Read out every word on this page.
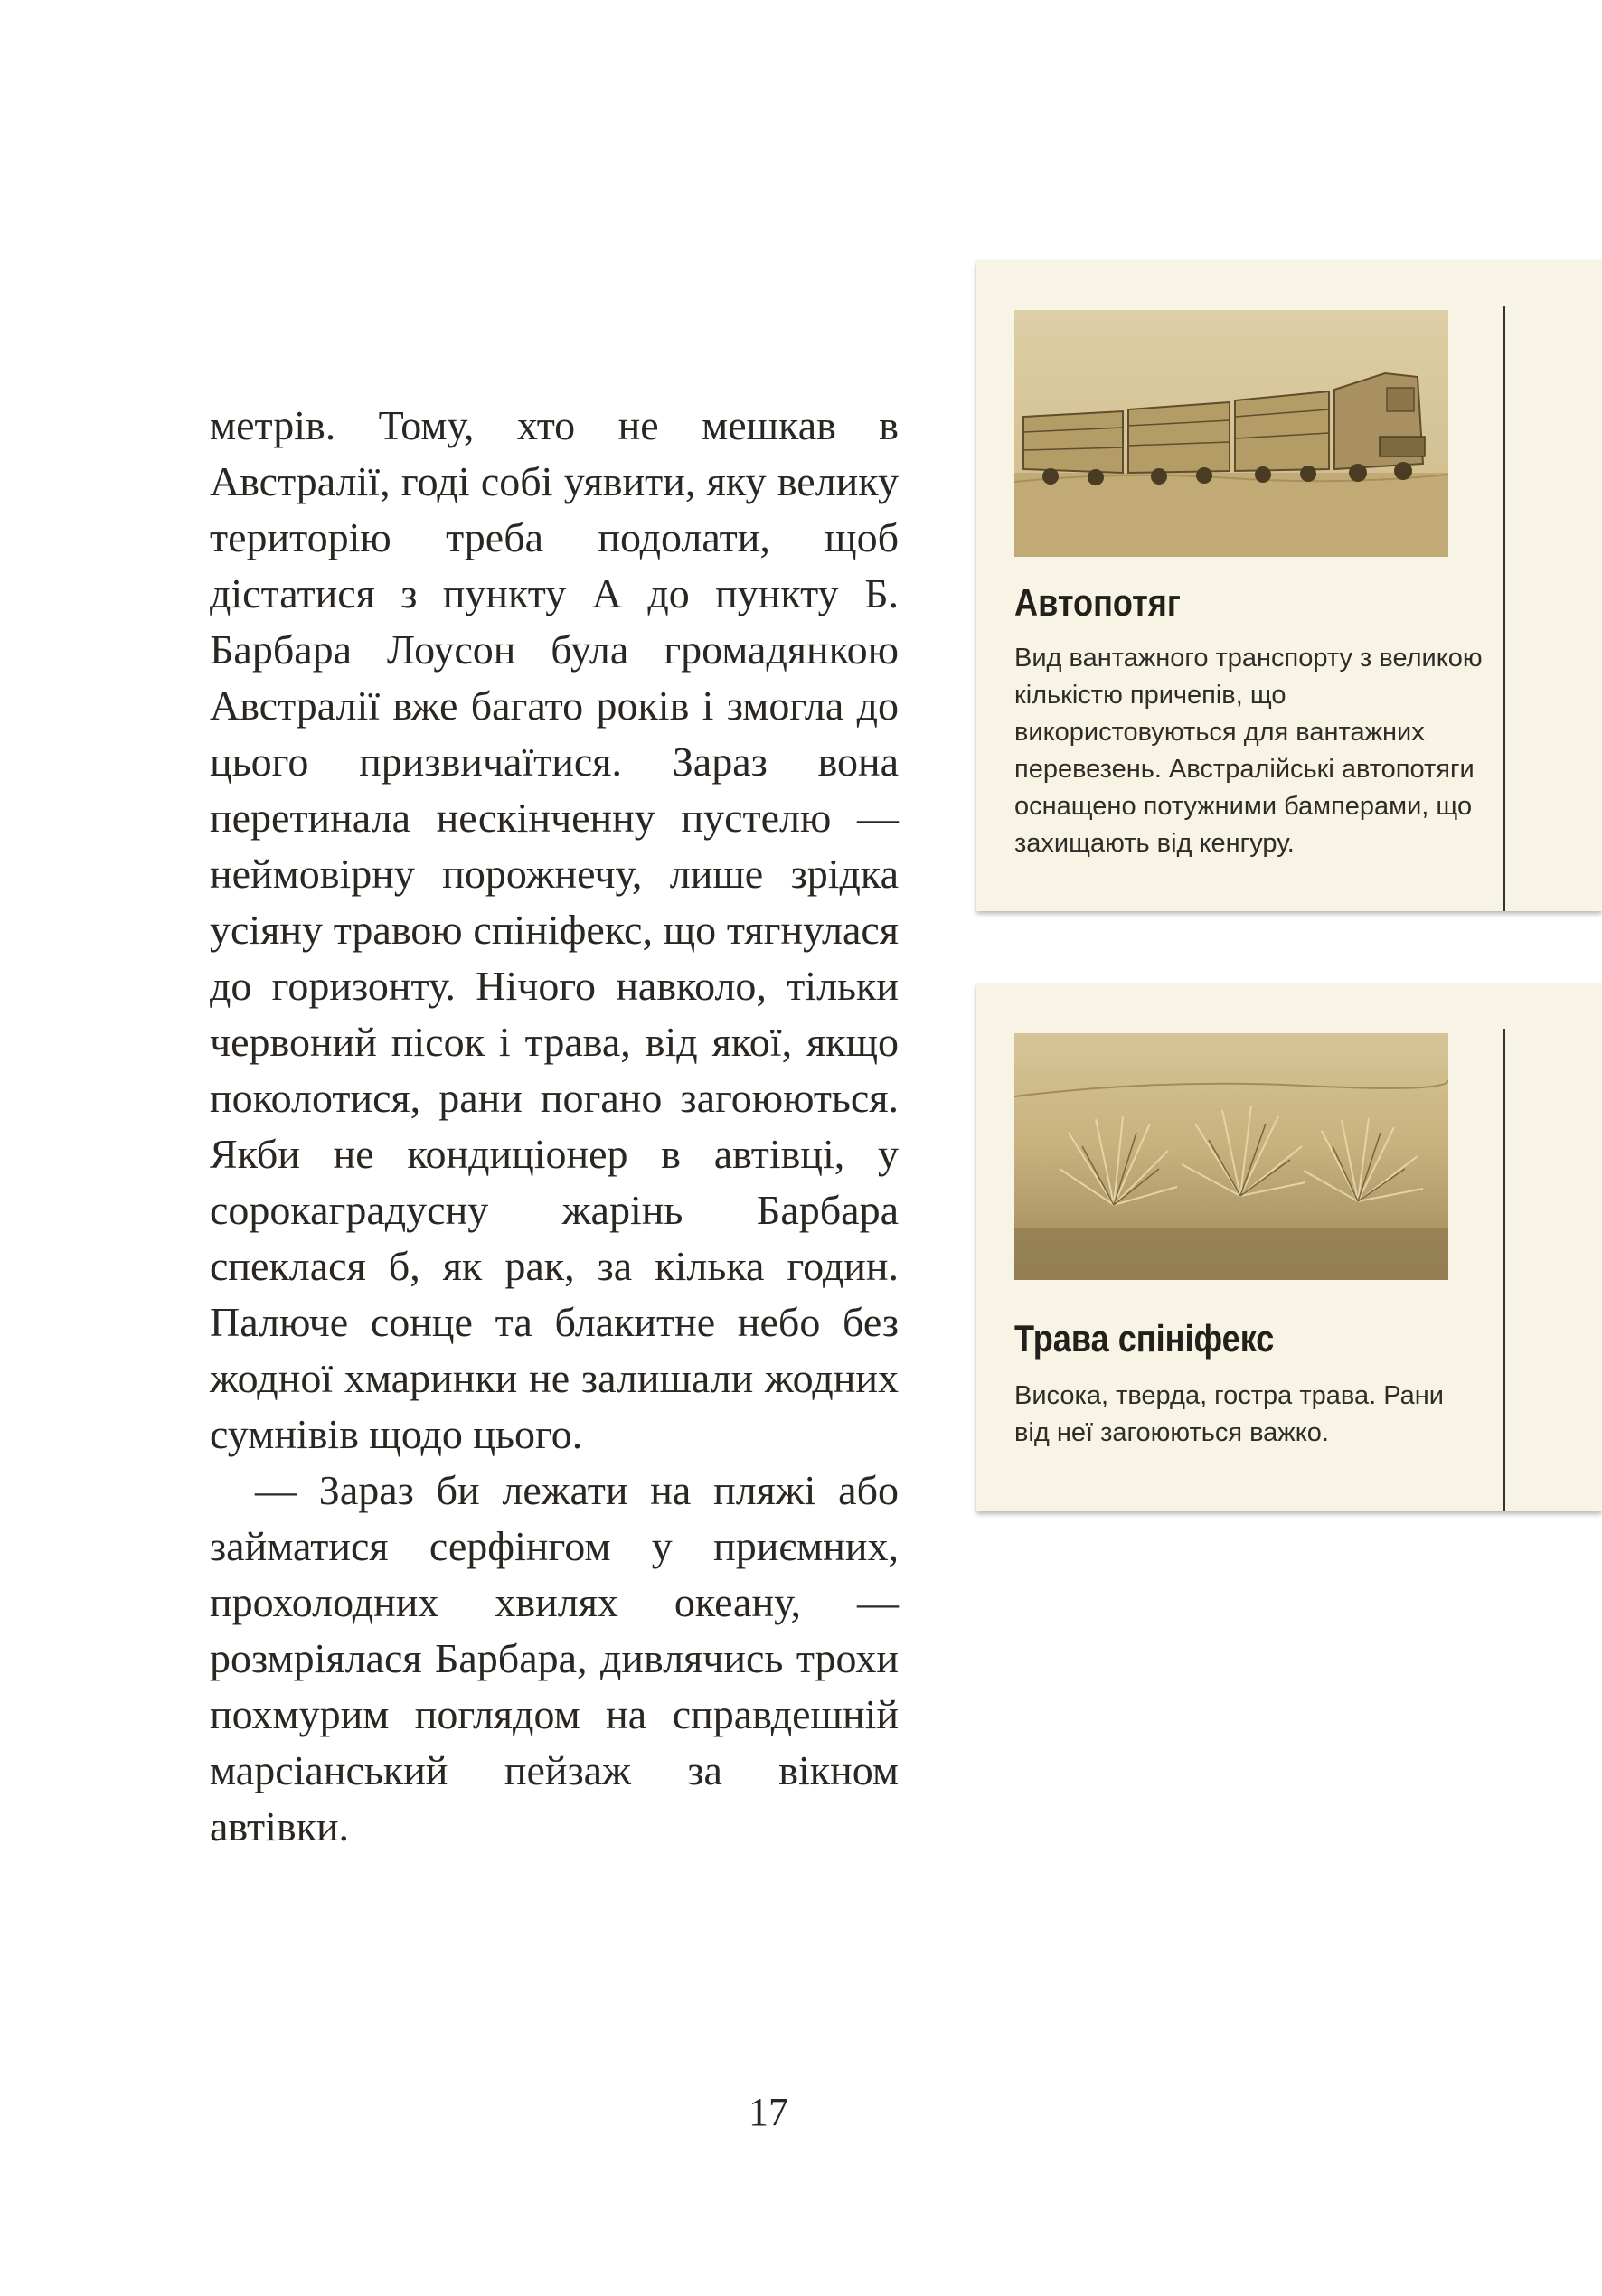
метрів. Тому, хто не мешкав в Австралії, годі собі уявити, яку велику територію треба подолати, щоб дістатися з пункту А до пункту Б. Барбара Лоусон була громадянкою Австралії вже багато років і змогла до цього призвичаїтися. Зараз вона перетинала нескінченну пустелю — неймовірну порожнечу, лише зрідка усіяну травою спініфекс, що тягнулася до горизонту. Нічого навколо, тільки червоний пісок і трава, від якої, якщо поколотися, рани погано загоюються. Якби не кондиціонер в автівці, у сорокаградусну жарінь Барбара спеклася б, як рак, за кілька годин. Палюче сонце та блакитне небо без жодної хмаринки не залишали жодних сумнівів щодо цього.

— Зараз би лежати на пляжі або займатися серфінгом у приємних, прохолодних хвилях океану, — розмріялася Барбара, дивлячись трохи похмурим поглядом на справдешній марсіанський пейзаж за вікном автівки.

Автопотяг

Вид вантажного транспорту з великою кількістю причепів, що використовуються для вантажних перевезень. Австралійські автопотяги оснащено потужними бамперами, що захищають від кенгуру.

Трава спініфекс

Висока, тверда, гостра трава. Рани від неї загоюються важко.

17
